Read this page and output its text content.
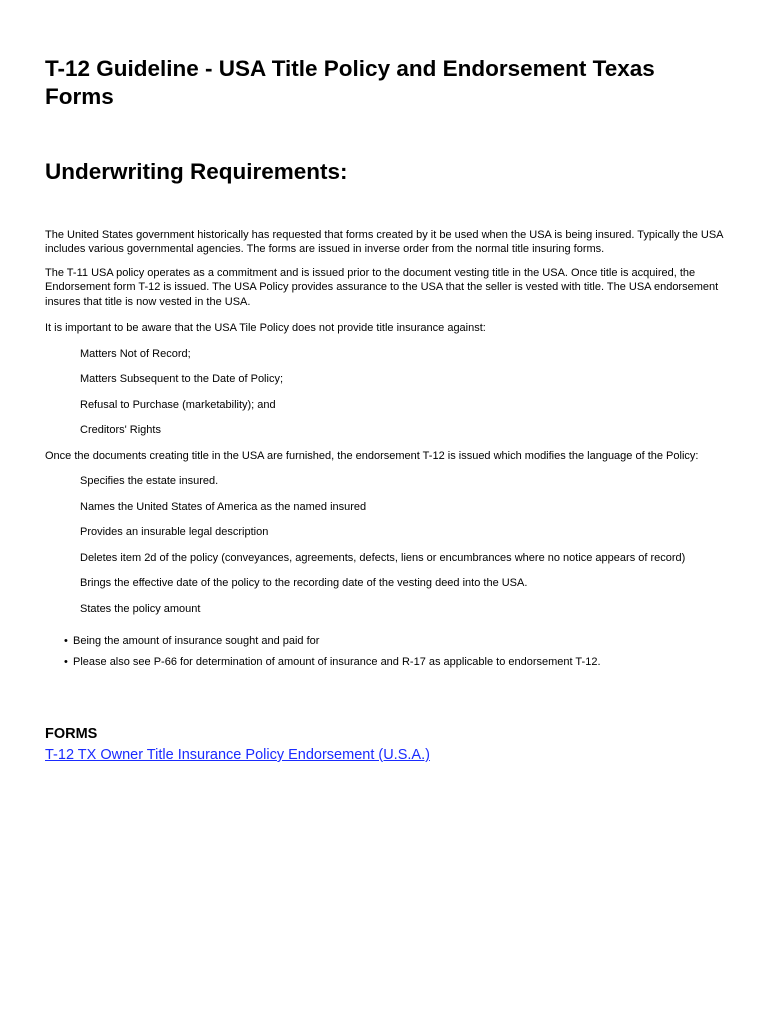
T-12 Guideline - USA Title Policy and Endorsement Texas Forms
Underwriting Requirements:

The United States government historically has requested that forms created by it be used when the USA is being insured. Typically the USA includes various governmental agencies. The forms are issued in inverse order from the normal title insuring forms.

The T-11 USA policy operates as a commitment and is issued prior to the document vesting title in the USA. Once title is acquired, the Endorsement form T-12 is issued. The USA Policy provides assurance to the USA that the seller is vested with title. The USA endorsement insures that title is now vested in the USA.

It is important to be aware that the USA Tile Policy does not provide title insurance against:

Matters Not of Record;

Matters Subsequent to the Date of Policy;

Refusal to Purchase (marketability); and

Creditors' Rights

Once the documents creating title in the USA are furnished, the endorsement T-12 is issued which modifies the language of the Policy:

Specifies the estate insured.

Names the United States of America as the named insured

Provides an insurable legal description

Deletes item 2d of the policy (conveyances, agreements, defects, liens or encumbrances where no notice appears of record)

Brings the effective date of the policy to the recording date of the vesting deed into the USA.

States the policy amount

• Being the amount of insurance sought and paid for

• Please also see P-66 for determination of amount of insurance and R-17 as applicable to endorsement T-12.

FORMS

T-12 TX Owner Title Insurance Policy Endorsement (U.S.A.)
